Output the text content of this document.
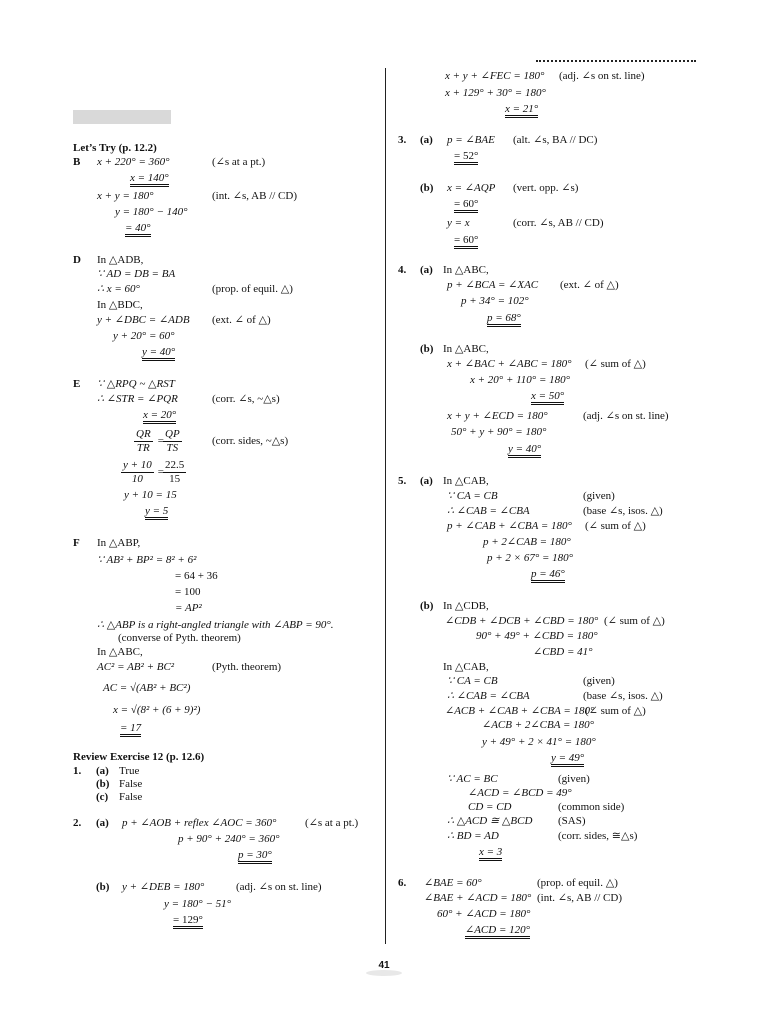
Let’s Try (p. 12.2)
B x + 220° = 360°	(∠s at a pt.)
x = 140°
x + y = 180°	(int. ∠s, AB // CD)
y = 180° − 140°
= 40°
D In △ADB,
∵ AD = DB = BA
∴ x = 60°	(prop. of equil. △)
In △BDC,
y + ∠DBC = ∠ADB (ext. ∠ of △)
y + 20° = 60°
y = 40°
E ∵ △RPQ ~ △RST
∴ ∠STR = ∠PQR	(corr. ∠s, ~△s)
x = 20°
$\frac{QR}{TR}$ =
$\frac{QP}{TS}$	(corr. sides, ~△s)
$\frac{y + 10}{10}$ =
$\frac{22.5}{15}$
y + 10 = 15
y = 5
F In △ABP,
∵ AB² + BP² = 8² + 6²
= 64 + 36
= 100
= AP²
∴ △ABP is a right-angled triangle with ∠ABP = 90°.
(converse of Pyth. theorem)
In △ABC,
AC² = AB² + BC²	(Pyth. theorem)
AC = √(AB² + BC²)
x = √(8² + (6 + 9)²)
= 17
Review Exercise 12 (p. 12.6)
1. (a) True
(b) False
(c) False
2. (a) p + ∠AOB + reflex ∠AOC = 360°	(∠s at a pt.)
p + 90° + 240° = 360°
p = 30°
(b) y + ∠DEB = 180°	(adj. ∠s on st. line)
y = 180° − 51°
= 129°
x + y + ∠FEC = 180° (adj. ∠s on st. line)
x + 129° + 30° = 180°
x = 21°
3. (a) p = ∠BAE (alt. ∠s, BA // DC)
= 52°
(b) x = ∠AQP (vert. opp. ∠s)
= 60°
y = x	(corr. ∠s, AB // CD)
= 60°
4. (a) In △ABC,
p + ∠BCA = ∠XAC (ext. ∠ of △)
p + 34° = 102°
p = 68°
(b) In △ABC,
x + ∠BAC + ∠ABC = 180° (∠ sum of △)
x + 20° + 110° = 180°
x = 50°
x + y + ∠ECD = 180°	(adj. ∠s on st. line)
50° + y + 90° = 180°
y = 40°
5. (a) In △CAB,
∵ CA = CB	(given)
∴ ∠CAB = ∠CBA	(base ∠s, isos. △)
p + ∠CAB + ∠CBA = 180° (∠ sum of △)
p + 2∠CAB = 180°
p + 2 × 67° = 180°
p = 46°
(b) In △CDB,
∠CDB + ∠DCB + ∠CBD = 180° (∠ sum of △)
90° + 49° + ∠CBD = 180°
∠CBD = 41°
In △CAB,
∵ CA = CB	(given)
∴ ∠CAB = ∠CBA	(base ∠s, isos. △)
∠ACB + ∠CAB + ∠CBA = 180°
(∠ sum of △)
∠ACB + 2∠CBA = 180°
y + 49° + 2 × 41° = 180°
y = 49°
∵ AC = BC	(given)
∠ACD = ∠BCD = 49°
CD = CD	(common side)
∴ △ACD ≅ △BCD (SAS)
∴ BD = AD	(corr. sides, ≅△s)
x = 3
6. ∠BAE = 60°	(prop. of equil. △)
∠BAE + ∠ACD = 180° (int. ∠s, AB // CD)
60° + ∠ACD = 180°
∠ACD = 120°
41
